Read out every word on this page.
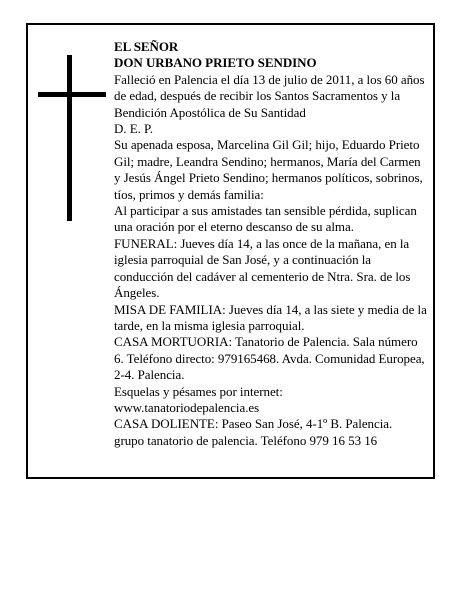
EL SEÑOR

DON URBANO PRIETO SENDINO

Falleció en Palencia el día 13 de julio de 2011, a los 60 años de edad, después de recibir los Santos Sacramentos y la Bendición Apostólica de Su Santidad

D. E. P.

Su apenada esposa, Marcelina Gil Gil; hijo, Eduardo Prieto Gil; madre, Leandra Sendino; hermanos, María del Carmen y Jesús Ángel Prieto Sendino; hermanos políticos, sobrinos, tíos, primos y demás familia:

Al participar a sus amistades tan sensible pérdida, suplican una oración por el eterno descanso de su alma.

FUNERAL: Jueves día 14, a las once de la mañana, en la iglesia parroquial de San José, y a continuación la conducción del cadáver al cementerio de Ntra. Sra. de los Ángeles.

MISA DE FAMILIA: Jueves día 14, a las siete y media de la tarde, en la misma iglesia parroquial.

CASA MORTUORIA: Tanatorio de Palencia. Sala número 6. Teléfono directo: 979165468. Avda. Comunidad Europea, 2-4. Palencia.

Esquelas y pésames por internet: www.tanatoriodepalencia.es

CASA DOLIENTE: Paseo San José, 4-1º B. Palencia.

grupo tanatorio de palencia. Teléfono 979 16 53 16
